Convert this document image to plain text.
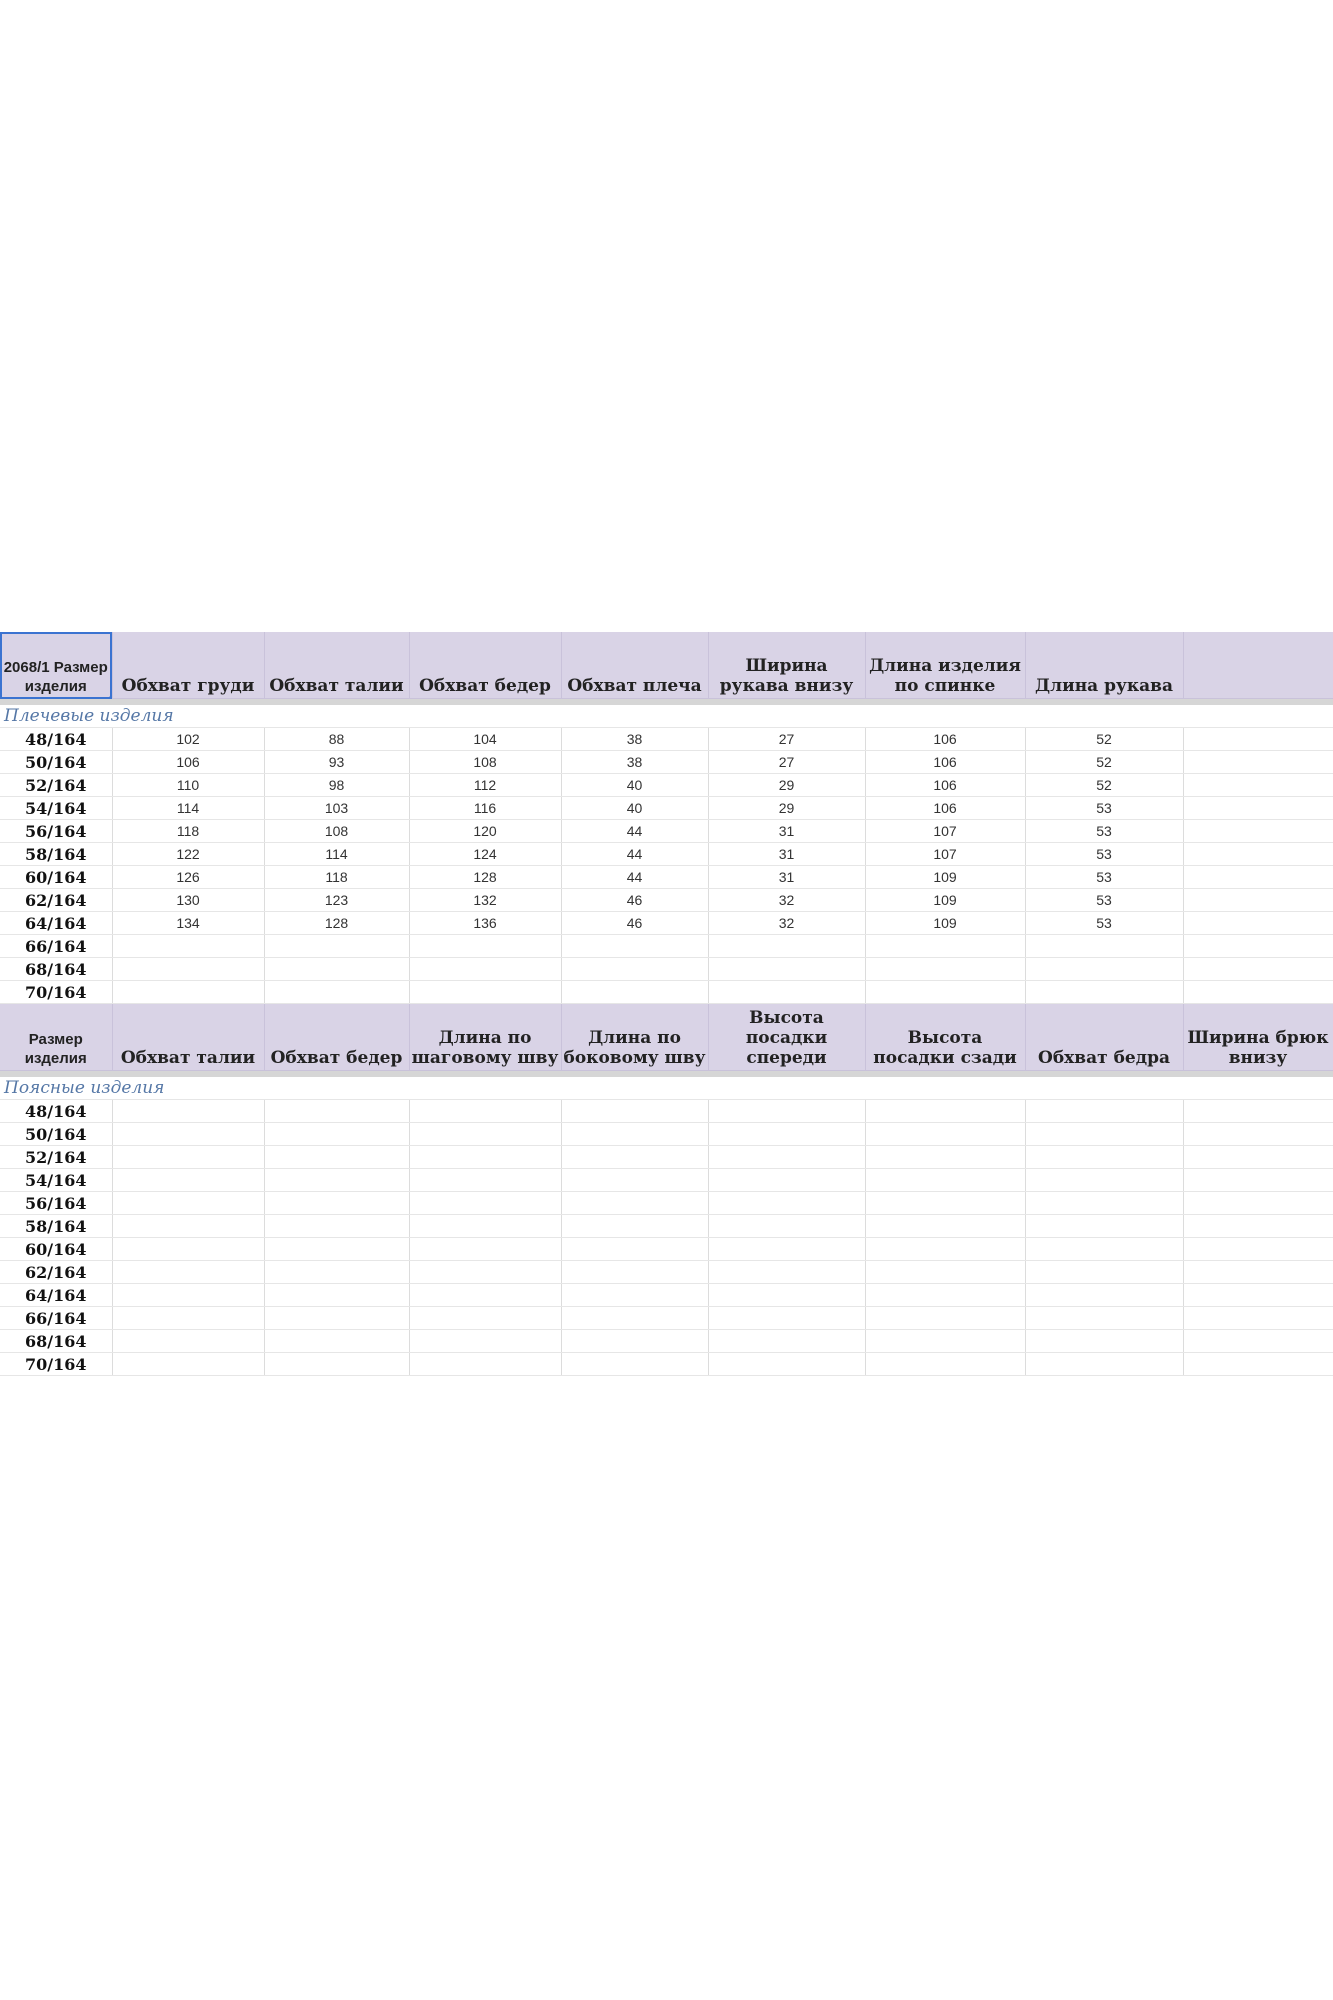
2068/1 Размер изделия	Обхват груди	Обхват талии	Обхват бедер	Обхват плеча	Ширина рукава внизу	Длина изделия по спинке	Длина рукава	

Плечевые изделия								
48/164	102	88	104	38	27	106	52	
50/164	106	93	108	38	27	106	52	
52/164	110	98	112	40	29	106	52	
54/164	114	103	116	40	29	106	53	
56/164	118	108	120	44	31	107	53	
58/164	122	114	124	44	31	107	53	
60/164	126	118	128	44	31	109	53	
62/164	130	123	132	46	32	109	53	
64/164	134	128	136	46	32	109	53	
66/164								
68/164								
70/164								
Размер изделия	Обхват талии	Обхват бедер	Длина по шаговому шву	Длина по боковому шву	Высота посадки спереди	Высота посадки сзади	Обхват бедра	Ширина брюк внизу

Поясные изделия								
48/164								
50/164								
52/164								
54/164								
56/164								
58/164								
60/164								
62/164								
64/164								
66/164								
68/164								
70/164								
